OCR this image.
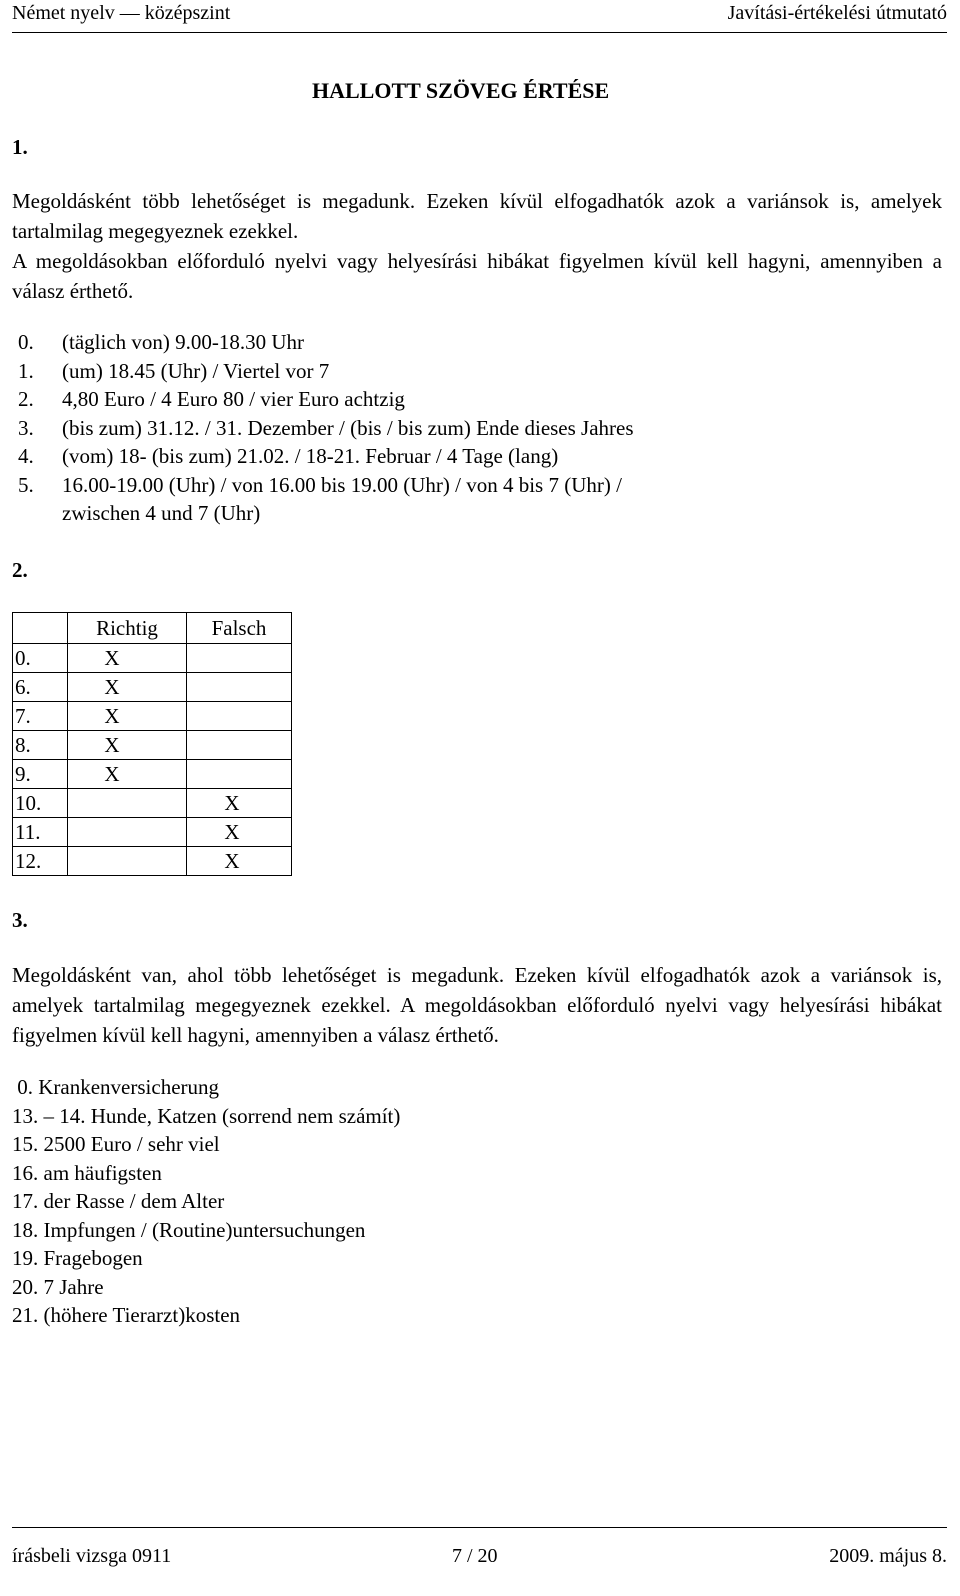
Német nyelv — középszint	Javítási-értékelési útmutató
HALLOTT SZÖVEG ÉRTÉSE
1.
Megoldásként több lehetőséget is megadunk. Ezeken kívül elfogadhatók azok a variánsok is, amelyek tartalmilag megegyeznek ezekkel.
A megoldásokban előforduló nyelvi vagy helyesírási hibákat figyelmen kívül kell hagyni, amennyiben a válasz érthető.
0.	(täglich von) 9.00-18.30 Uhr
1.	(um) 18.45 (Uhr) / Viertel vor 7
2.	4,80 Euro / 4 Euro 80 / vier Euro achtzig
3.	(bis zum) 31.12. / 31. Dezember / (bis / bis zum) Ende dieses Jahres
4.	(vom) 18- (bis zum) 21.02. / 18-21. Februar / 4 Tage (lang)
5.	16.00-19.00 (Uhr) / von 16.00 bis 19.00 (Uhr) / von 4 bis 7 (Uhr) /
zwischen 4 und 7 (Uhr)
2.
	Richtig	Falsch
0.	X	
6.	X	
7.	X	
8.	X	
9.	X	
10.		X
11.		X
12.		X
3.
Megoldásként van, ahol több lehetőséget is megadunk. Ezeken kívül elfogadhatók azok a variánsok is, amelyek tartalmilag megegyeznek ezekkel. A megoldásokban előforduló nyelvi vagy helyesírási hibákat figyelmen kívül kell hagyni, amennyiben a válasz érthető.
0. Krankenversicherung
13. – 14. Hunde, Katzen (sorrend nem számít)
15. 2500 Euro / sehr viel
16. am häufigsten
17. der Rasse / dem Alter
18. Impfungen / (Routine)untersuchungen
19. Fragebogen
20. 7 Jahre
21. (höhere Tierarzt)kosten
írásbeli vizsga 0911	7 / 20	2009. május 8.
